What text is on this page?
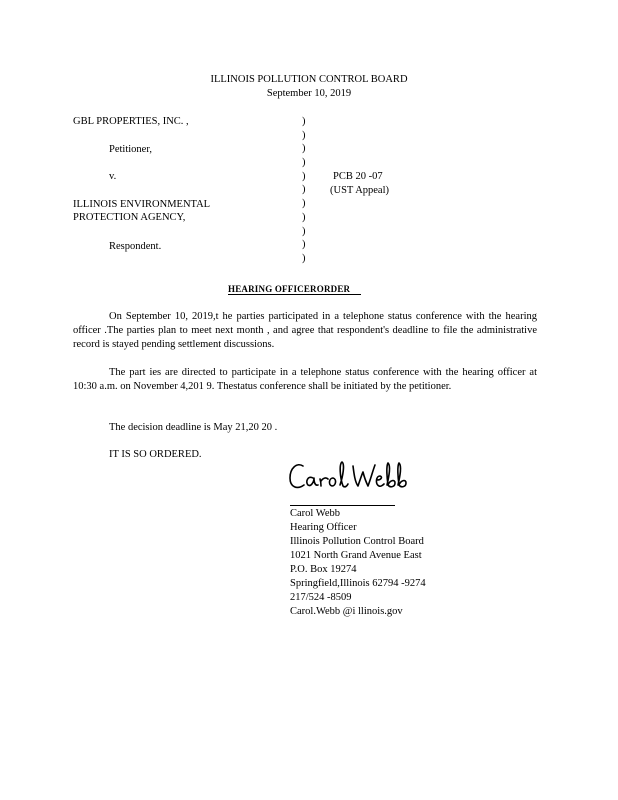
ILLINOIS POLLUTION CONTROL BOARD
September 10, 2019
GBL PROPERTIES, INC. ,
Petitioner,
v.
ILLINOIS ENVIRONMENTAL
PROTECTION AGENCY,
Respondent.
)
)
)
)
)
)
)
)
)
)
)
PCB 20 -07
(UST Appeal)
HEARING OFFICERORDER
On September 10, 2019,t he parties participated in a telephone status conference with the hearing officer .The parties plan to meet next month , and agree that respondent's deadline to file the administrative record is stayed pending settlement discussions.
The part ies are directed to participate in a telephone status conference with the hearing officer at 10:30 a.m. on November 4,201 9. Thestatus conference shall be initiated by the petitioner.
The decision deadline is May 21,20 20 .
IT IS SO ORDERED.
Carol Webb
Hearing Officer
Illinois Pollution Control Board
1021 North Grand Avenue East
P.O. Box 19274
Springfield,Illinois 62794 -9274
217/524 -8509
Carol.Webb @i llinois.gov
